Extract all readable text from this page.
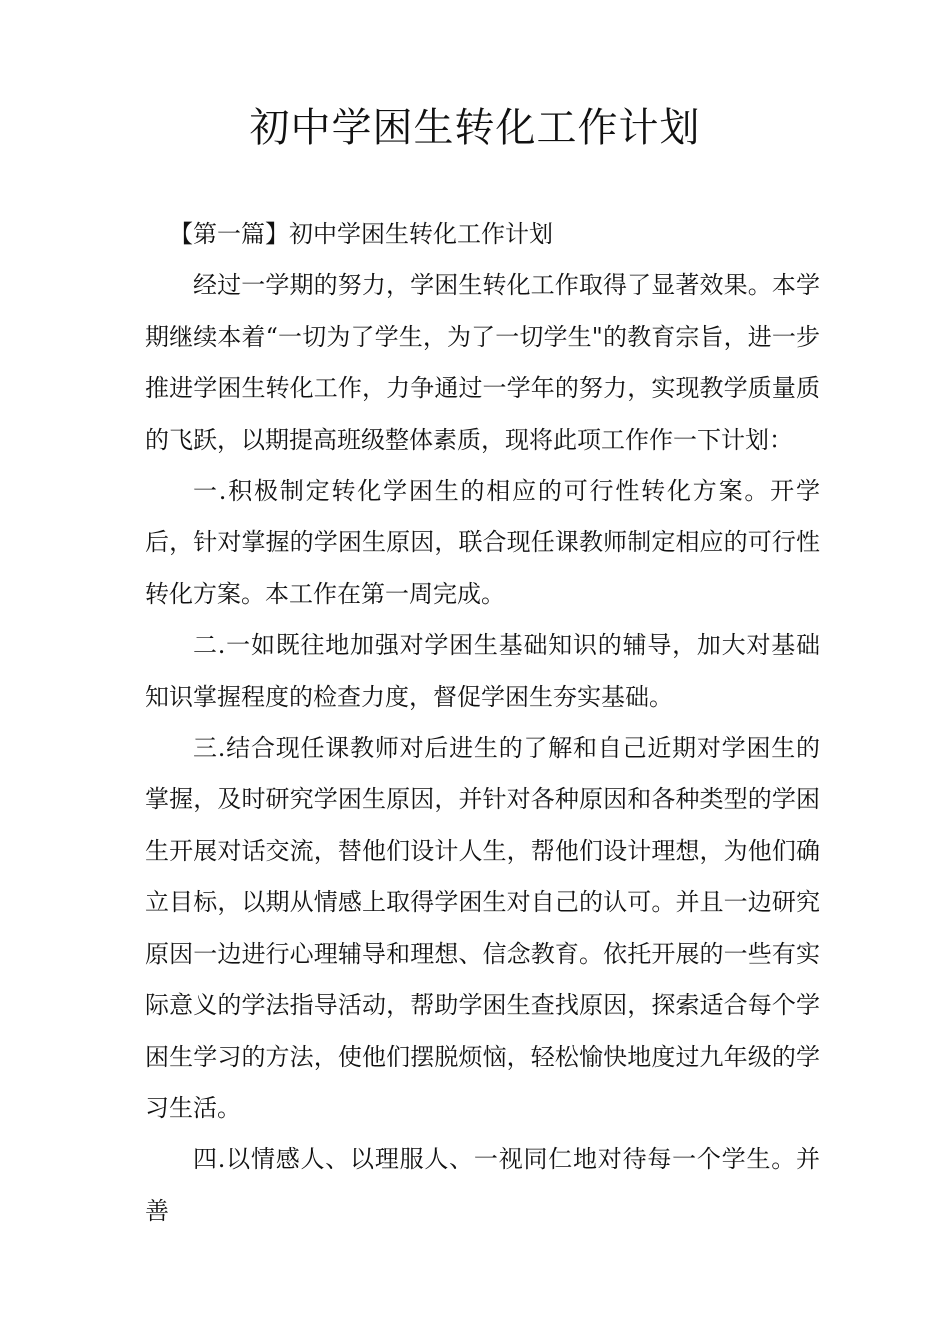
初中学困生转化工作计划

【第一篇】初中学困生转化工作计划

经过一学期的努力，学困生转化工作取得了显著效果。本学期继续本着“一切为了学生，为了一切学生"的教育宗旨，进一步推进学困生转化工作，力争通过一学年的努力，实现教学质量质的飞跃，以期提高班级整体素质，现将此项工作作一下计划：

一.积极制定转化学困生的相应的可行性转化方案。开学后，针对掌握的学困生原因，联合现任课教师制定相应的可行性转化方案。本工作在第一周完成。

二.一如既往地加强对学困生基础知识的辅导，加大对基础知识掌握程度的检查力度，督促学困生夯实基础。

三.结合现任课教师对后进生的了解和自己近期对学困生的掌握，及时研究学困生原因，并针对各种原因和各种类型的学困生开展对话交流，替他们设计人生，帮他们设计理想，为他们确立目标，以期从情感上取得学困生对自己的认可。并且一边研究原因一边进行心理辅导和理想、信念教育。依托开展的一些有实际意义的学法指导活动，帮助学困生查找原因，探索适合每个学困生学习的方法，使他们摆脱烦恼，轻松愉快地度过九年级的学习生活。

四.以情感人、以理服人、一视同仁地对待每一个学生。并善
